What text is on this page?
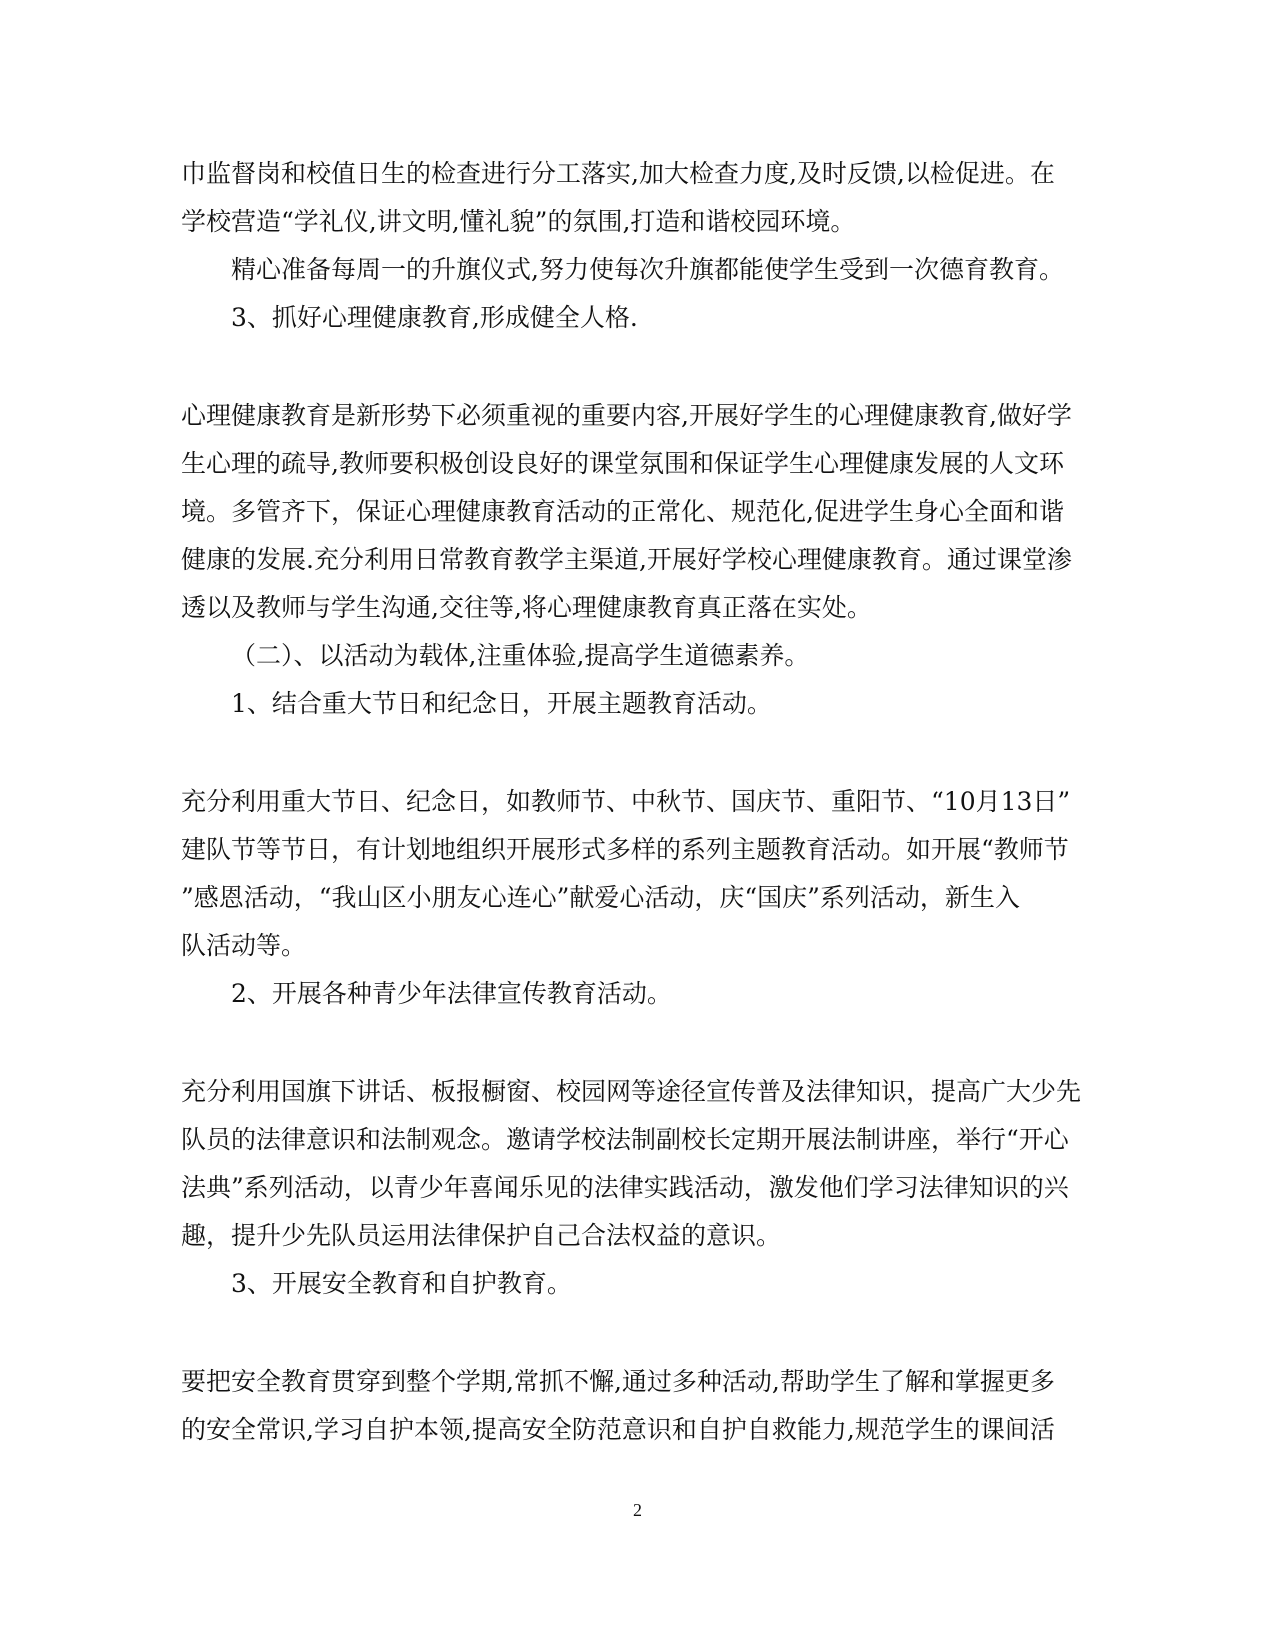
巾监督岗和校值日生的检查进行分工落实,加大检查力度,及时反馈,以检促进。在
学校营造“学礼仪,讲文明,懂礼貌”的氛围,打造和谐校园环境。
精心准备每周一的升旗仪式,努力使每次升旗都能使学生受到一次德育教育。
3、抓好心理健康教育,形成健全人格.
心理健康教育是新形势下必须重视的重要内容,开展好学生的心理健康教育,做好学
生心理的疏导,教师要积极创设良好的课堂氛围和保证学生心理健康发展的人文环
境。多管齐下，保证心理健康教育活动的正常化、规范化,促进学生身心全面和谐
健康的发展.充分利用日常教育教学主渠道,开展好学校心理健康教育。通过课堂渗
透以及教师与学生沟通,交往等,将心理健康教育真正落在实处。
（二）、以活动为载体,注重体验,提高学生道德素养。
1、结合重大节日和纪念日，开展主题教育活动。
充分利用重大节日、纪念日，如教师节、中秋节、国庆节、重阳节、“10月13日”
建队节等节日，有计划地组织开展形式多样的系列主题教育活动。如开展“教师节
”感恩活动，“我山区小朋友心连心”献爱心活动，庆“国庆”系列活动，新生入
队活动等。
2、开展各种青少年法律宣传教育活动。
充分利用国旗下讲话、板报橱窗、校园网等途径宣传普及法律知识，提高广大少先
队员的法律意识和法制观念。邀请学校法制副校长定期开展法制讲座，举行“开心
法典”系列活动，以青少年喜闻乐见的法律实践活动，激发他们学习法律知识的兴
趣，提升少先队员运用法律保护自己合法权益的意识。
3、开展安全教育和自护教育。
要把安全教育贯穿到整个学期,常抓不懈,通过多种活动,帮助学生了解和掌握更多
的安全常识,学习自护本领,提高安全防范意识和自护自救能力,规范学生的课间活
2
